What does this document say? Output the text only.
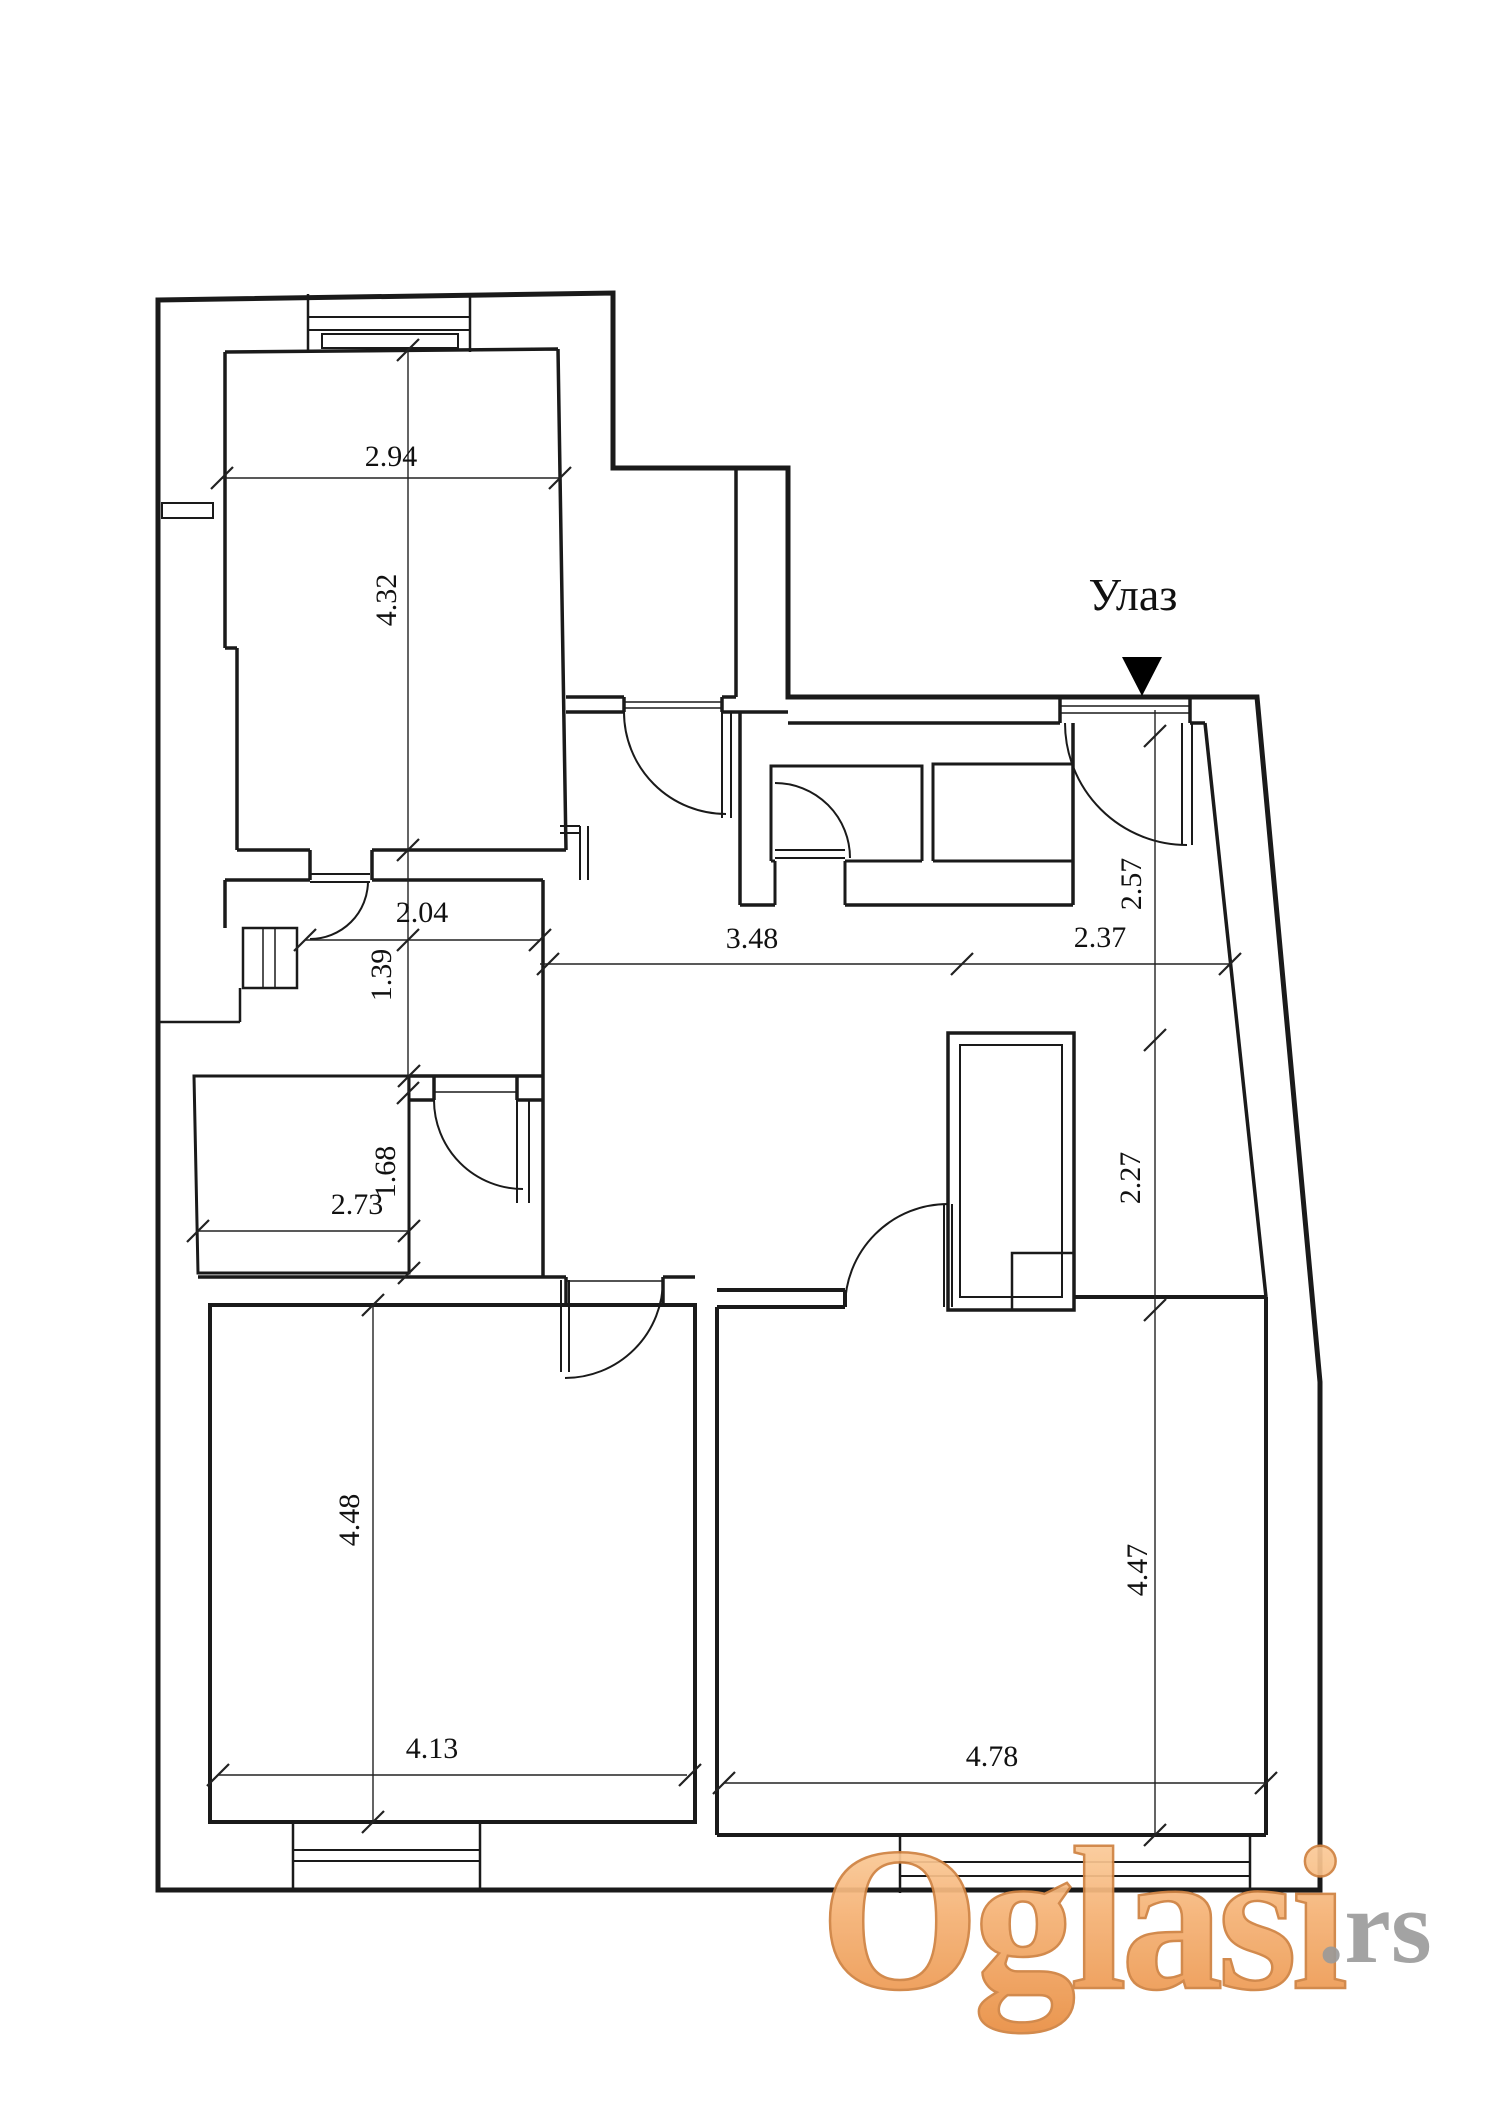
2.94
4.32
2.04
1.39
3.48	2.37
2.57
2.73
1.68	2.27
4.48
4.13	4.78
4.47
Улаз
Oglasi
.rs
